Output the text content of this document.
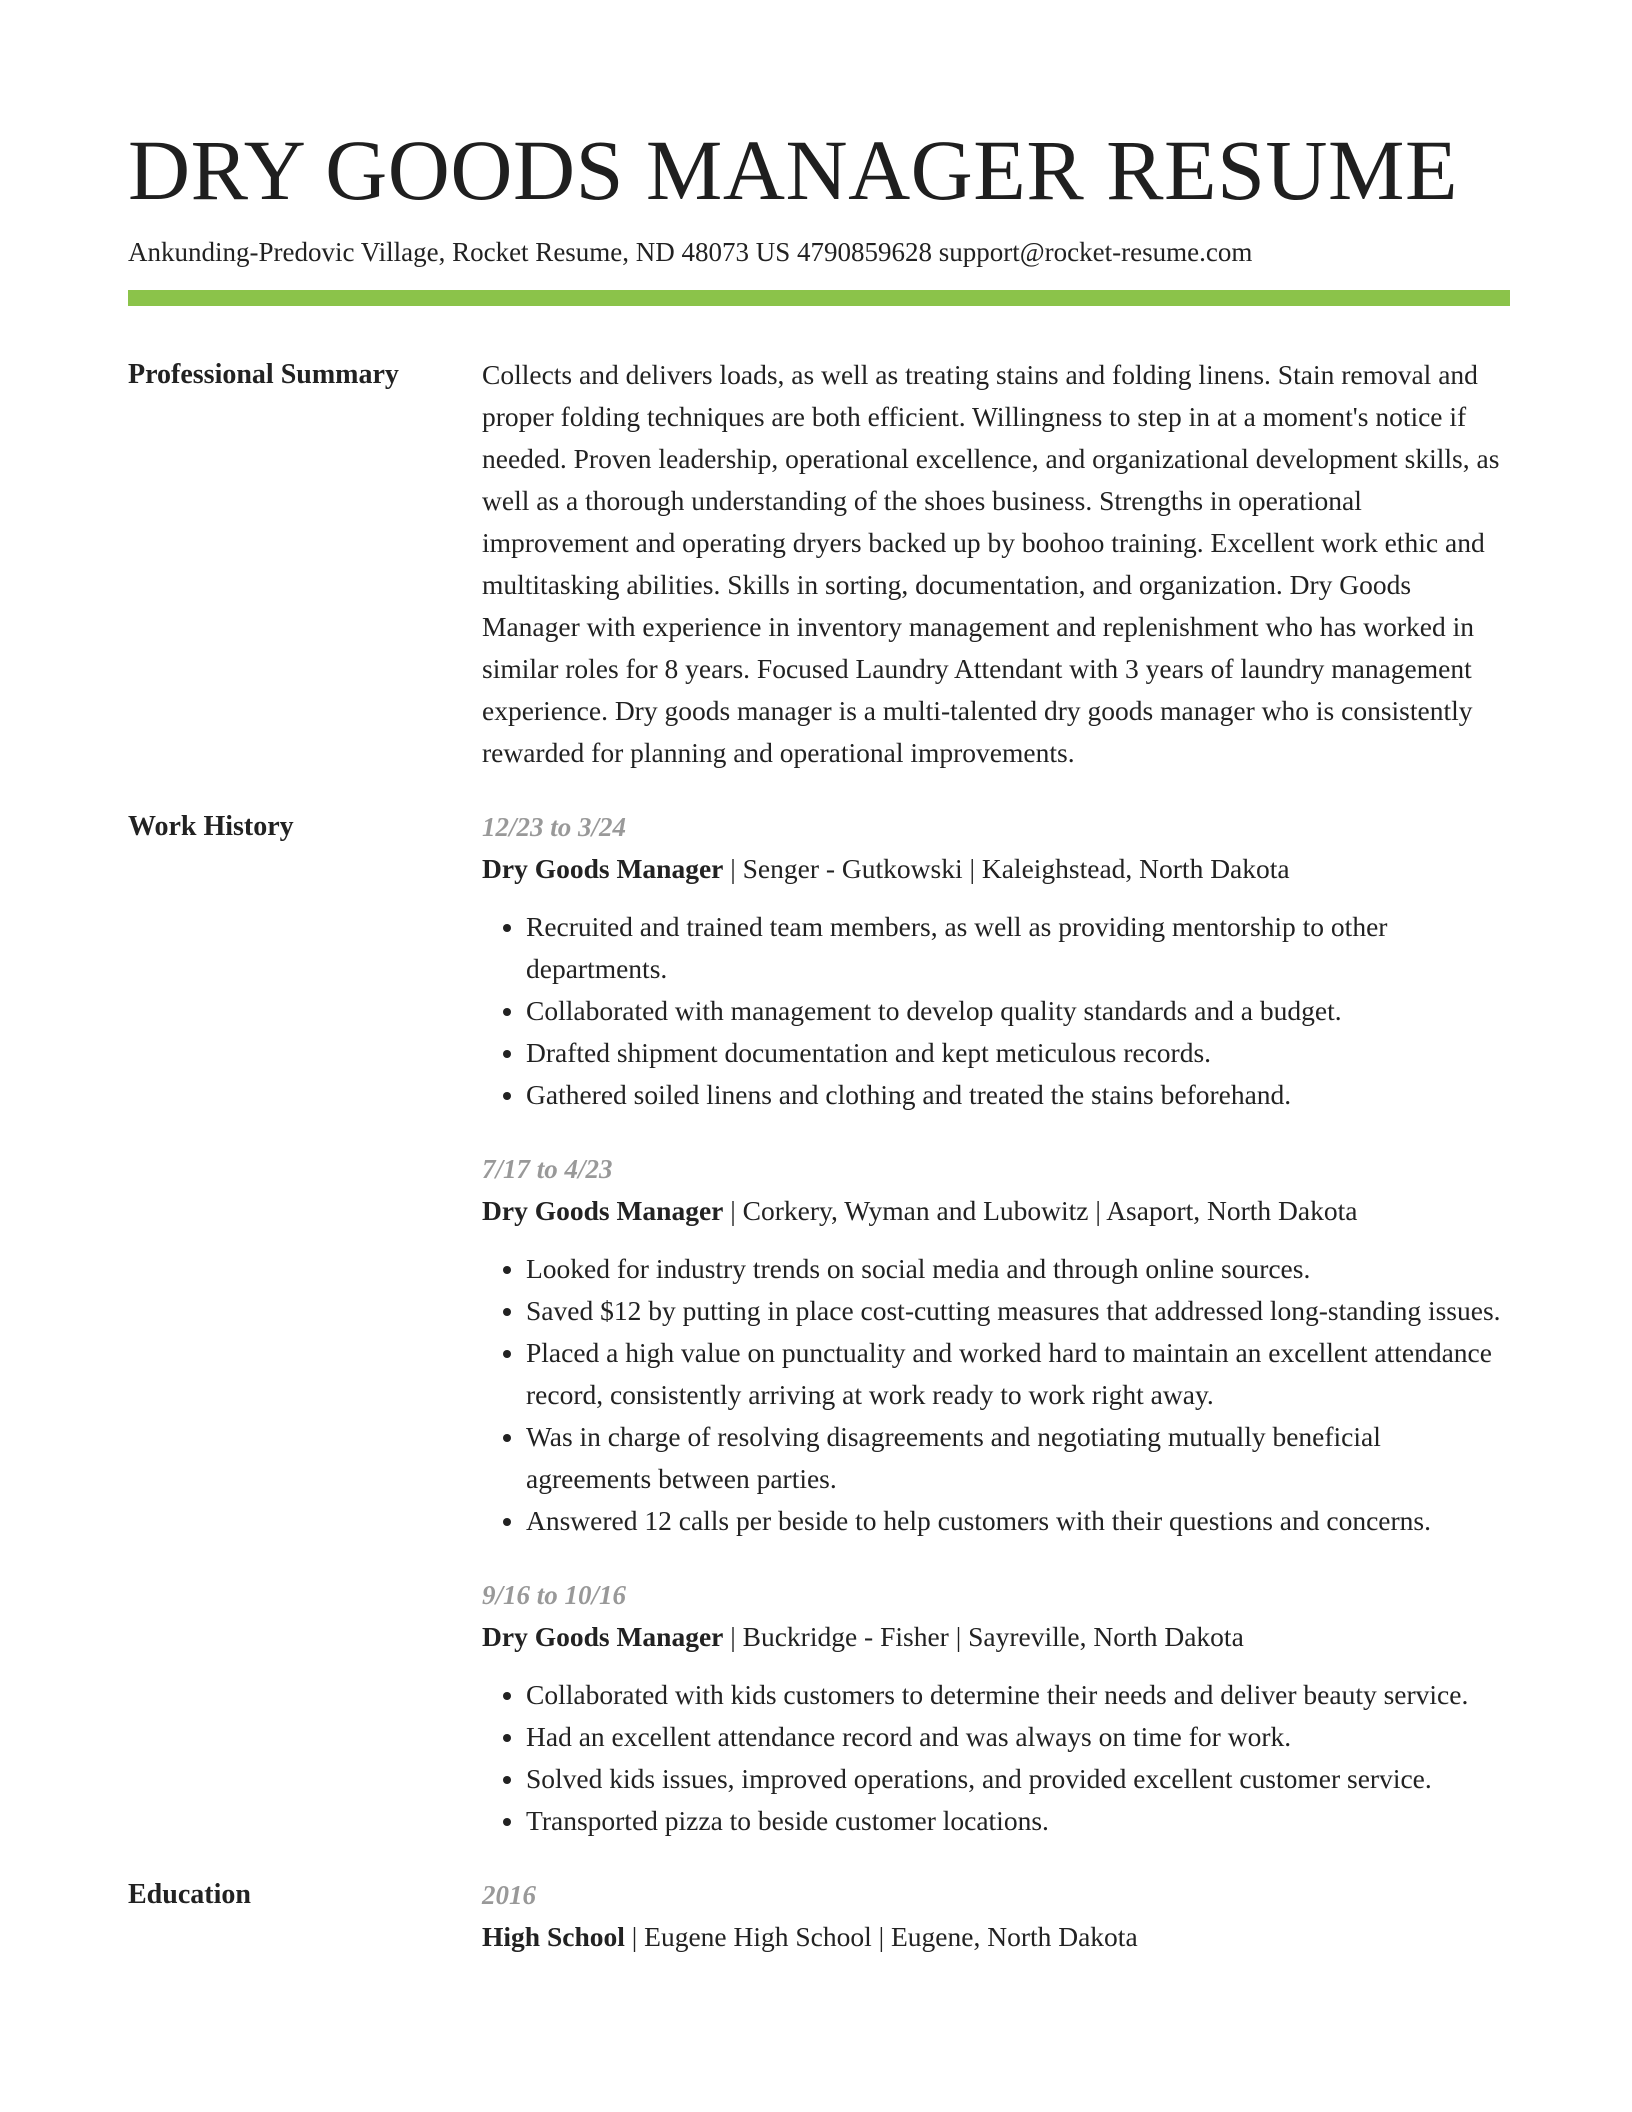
DRY GOODS MANAGER RESUME
Ankunding-Predovic Village, Rocket Resume, ND 48073 US 4790859628 support@rocket-resume.com
Professional Summary	Collects and delivers loads, as well as treating stains and folding linens. Stain removal and proper folding techniques are both efficient. Willingness to step in at a moment's notice if needed. Proven leadership, operational excellence, and organizational development skills, as well as a thorough understanding of the shoes business. Strengths in operational improvement and operating dryers backed up by boohoo training. Excellent work ethic and multitasking abilities. Skills in sorting, documentation, and organization. Dry Goods Manager with experience in inventory management and replenishment who has worked in similar roles for 8 years. Focused Laundry Attendant with 3 years of laundry management experience. Dry goods manager is a multi-talented dry goods manager who is consistently rewarded for planning and operational improvements.

Work History	12/23 to 3/24
Dry Goods Manager | Senger - Gutkowski | Kaleighstead, North Dakota
• Recruited and trained team members, as well as providing mentorship to other departments.
• Collaborated with management to develop quality standards and a budget.
• Drafted shipment documentation and kept meticulous records.
• Gathered soiled linens and clothing and treated the stains beforehand.
7/17 to 4/23
Dry Goods Manager | Corkery, Wyman and Lubowitz | Asaport, North Dakota
• Looked for industry trends on social media and through online sources.
• Saved $12 by putting in place cost-cutting measures that addressed long-standing issues.
• Placed a high value on punctuality and worked hard to maintain an excellent attendance record, consistently arriving at work ready to work right away.
• Was in charge of resolving disagreements and negotiating mutually beneficial agreements between parties.
• Answered 12 calls per beside to help customers with their questions and concerns.
9/16 to 10/16
Dry Goods Manager | Buckridge - Fisher | Sayreville, North Dakota
• Collaborated with kids customers to determine their needs and deliver beauty service.
• Had an excellent attendance record and was always on time for work.
• Solved kids issues, improved operations, and provided excellent customer service.
• Transported pizza to beside customer locations.
Education	2016
High School | Eugene High School | Eugene, North Dakota
